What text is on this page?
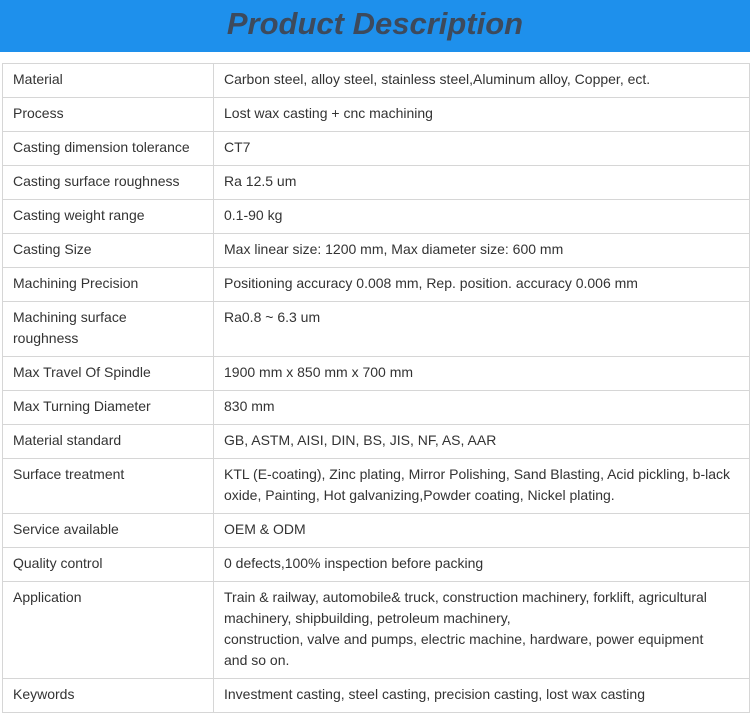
Product Description
Material	Carbon steel, alloy steel, stainless steel,Aluminum alloy, Copper, ect.

Process	Lost wax casting + cnc machining

Casting dimension tolerance	CT7

Casting surface roughness	Ra 12.5 um

Casting weight range	0.1-90 kg

Casting Size	Max linear size: 1200 mm, Max diameter size: 600 mm

Machining Precision	Positioning accuracy 0.008 mm, Rep. position. accuracy 0.006 mm

Machining surface
roughness	Ra0.8 ~ 6.3 um

Max Travel Of Spindle	1900 mm x 850 mm x 700 mm

Max Turning Diameter	830 mm

Material standard	GB, ASTM, AISI, DIN, BS, JIS, NF, AS, AAR

Surface treatment	KTL (E-coating), Zinc plating, Mirror Polishing, Sand Blasting, Acid pickling, b-lack
oxide, Painting, Hot galvanizing,Powder coating, Nickel plating.

Service available	OEM & ODM

Quality control	0 defects,100% inspection before packing

Application	Train & railway, automobile& truck, construction machinery, forklift, agricultural
machinery, shipbuilding, petroleum machinery,
construction, valve and pumps, electric machine, hardware, power equipment
and so on.

Keywords	Investment casting, steel casting, precision casting, lost wax casting
